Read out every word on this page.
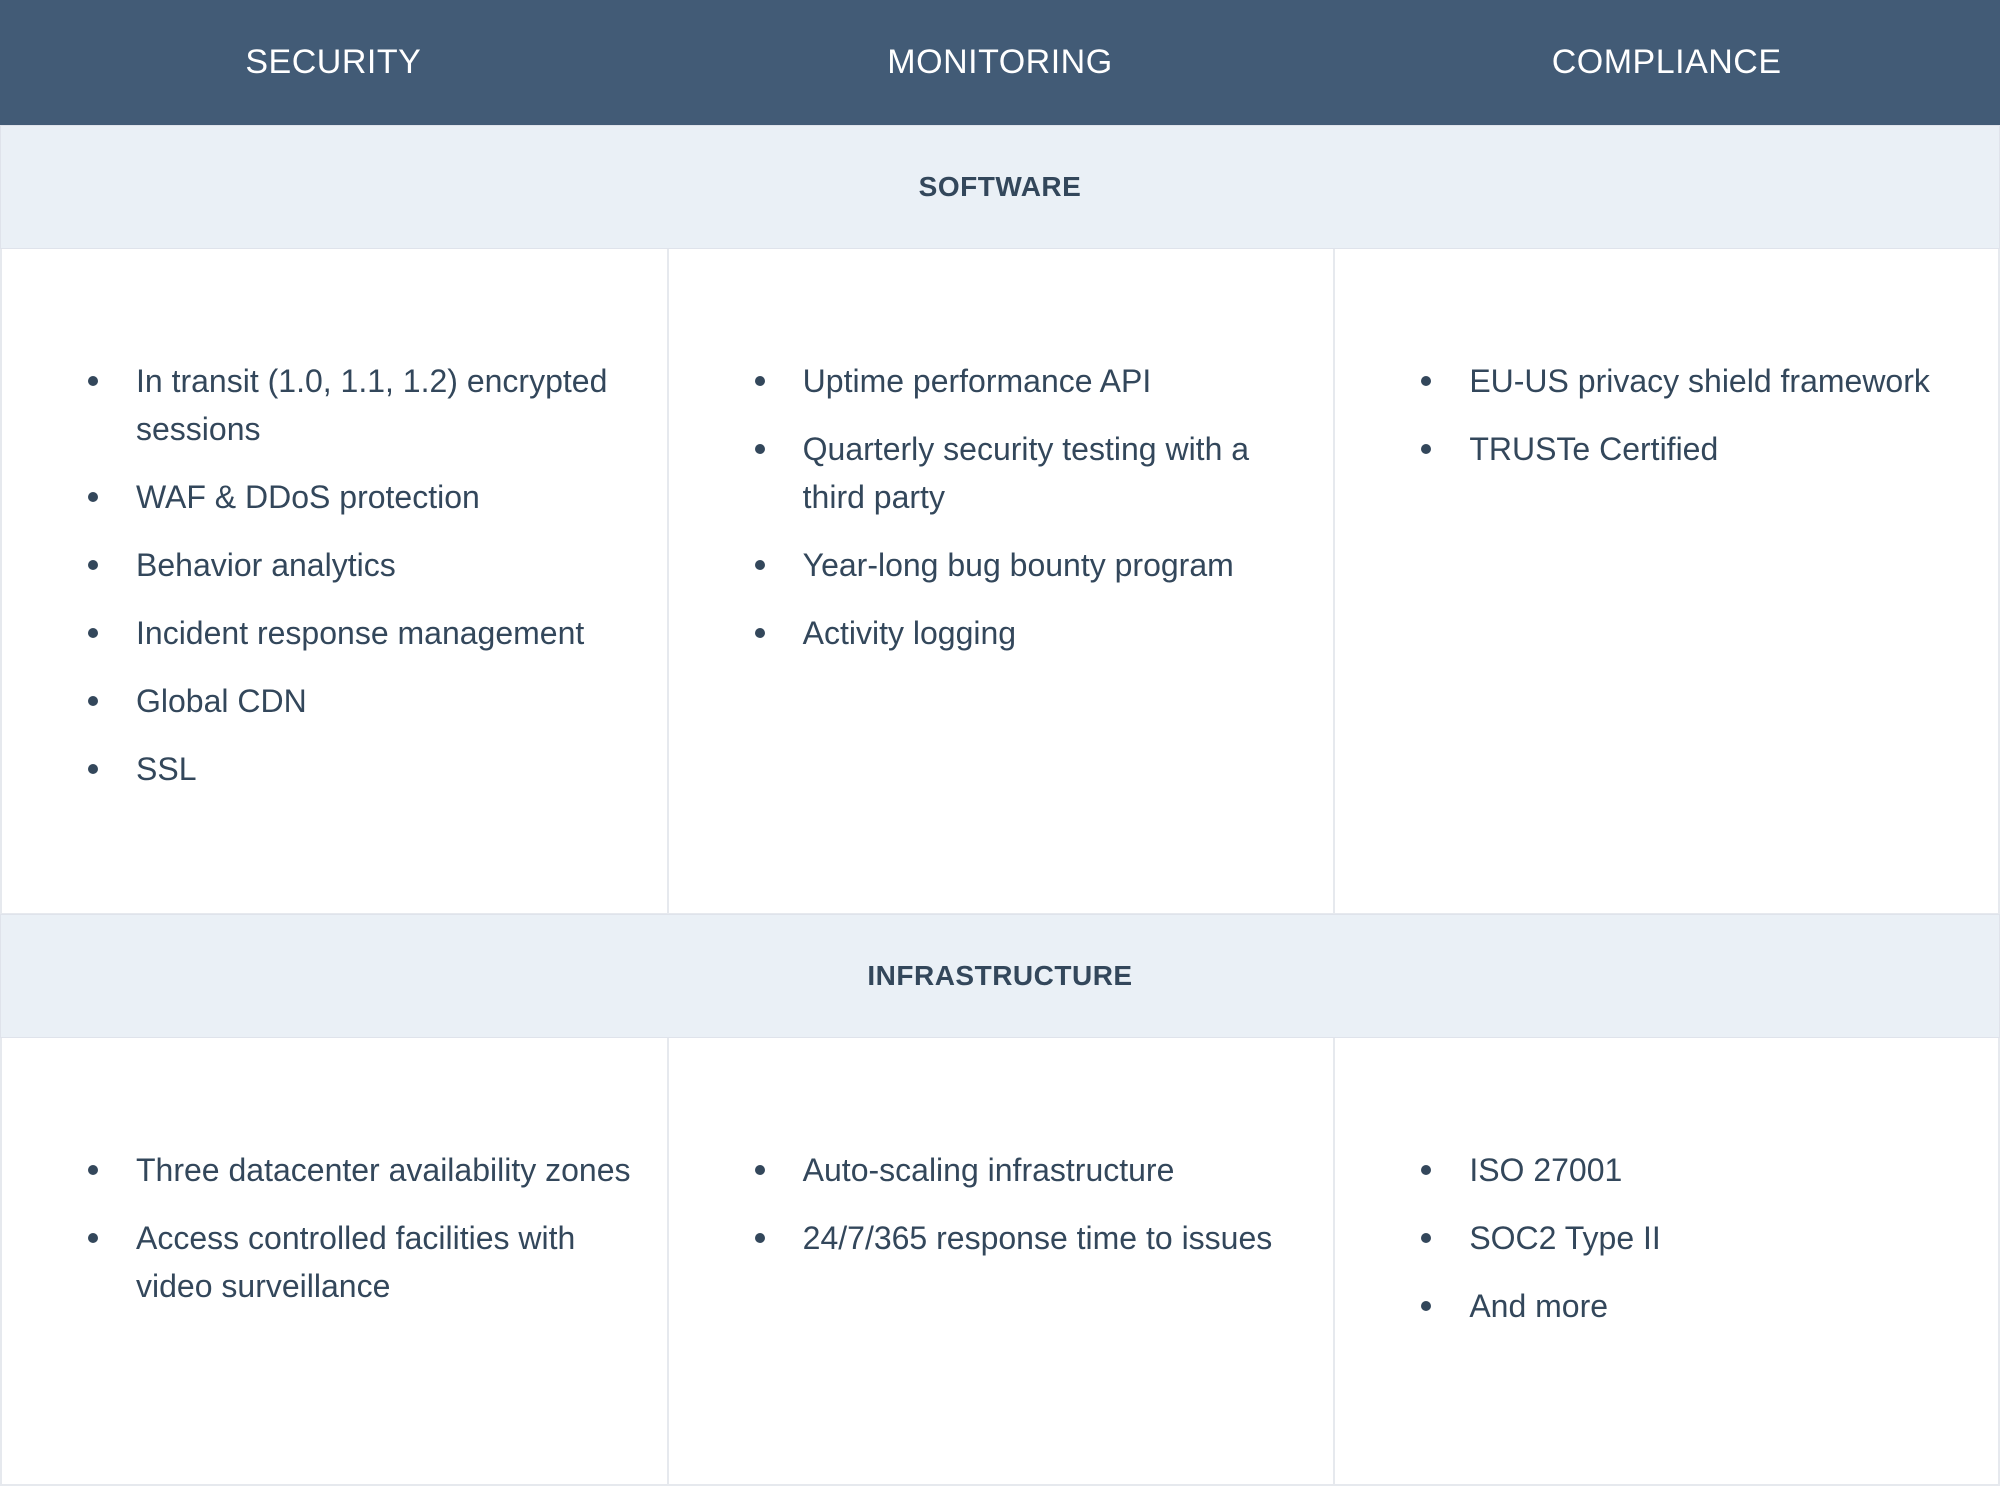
SECURITY	MONITORING	COMPLIANCE
SOFTWARE
In transit (1.0, 1.1, 1.2) encrypted sessions
WAF & DDoS protection
Behavior analytics
Incident response management
Global CDN
SSL
Uptime performance API
Quarterly security testing with a third party
Year-long bug bounty program
Activity logging
EU-US privacy shield framework
TRUSTe Certified
INFRASTRUCTURE
Three datacenter availability zones
Access controlled facilities with video surveillance
Auto-scaling infrastructure
24/7/365 response time to issues
ISO 27001
SOC2 Type II
And more
